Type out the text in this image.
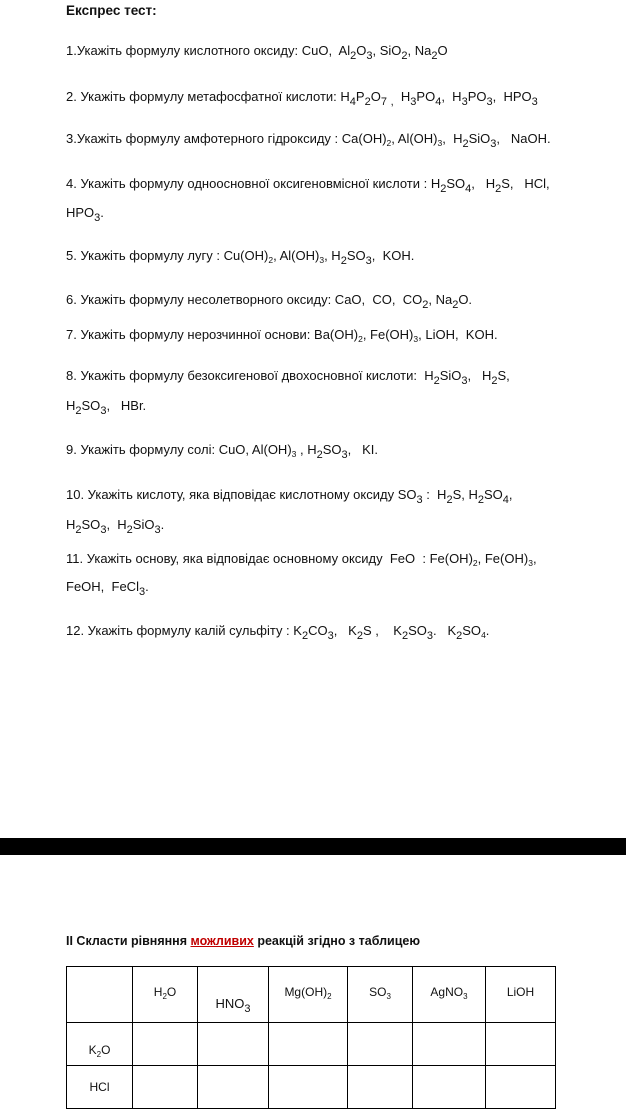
Експрес тест:
1.Укажіть формулу кислотного оксиду: CuO,  $Al_2O_3$, SiO$_2$, $Na_2O$
2. Укажіть формулу метафосфатної кислоти: $H_4P_2O_7$ $_,$  $H_3PO_4$,  $H_3PO_3$,  $HPO_3$
3.Укажіть формулу амфотерного гідроксиду : $Ca(OH)_2$, $Al(OH)_3$,  $H_2SiO_3$,   NaOH.
4. Укажіть формулу одноосновної оксигеновмісної кислоти : $H_2SO_4$,   $H_2S$,   HCl,
$HPO_3$.
5. Укажіть формулу лугу : $Cu(OH)_2$, $Al(OH)_3$, $H_2SO_3$,  KOH.
6. Укажіть формулу несолетворного оксиду: CaO,  CO,  $CO_2$, $Na_2O$.
7. Укажіть формулу нерозчинної основи: $Ba(OH)_2$, $Fe(OH)_3$, LiOH,  KOH.
8. Укажіть формулу безоксигенової двохосновної кислоти:  $H_2SiO_3$,   $H_2S$,
$H_2SO_3$,   HBr.
9. Укажіть формулу солі: CuO, $Al(OH)_3$ , $H_2SO_3$,   KI.
10. Укажіть кислоту, яка відповідає кислотному оксиду $SO_3$ :  $H_2S$, $H_2SO_4$,
$H_2SO_3$,  $H_2SiO_3$.
11. Укажіть основу, яка відповідає основному оксиду  FeO  : $Fe(OH)_2$, $Fe(OH)_3$,
FeOH,  FeCl$_3$.
12. Укажіть формулу калій сульфіту : $K_2CO_3$,   $K_2S$ ,    $K_2SO_3$.   $K_2SO_4$.
II Скласти рівняння можливих реакцій згідно з таблицею
	$H_2O$	$HNO_3$	$Mg(OH)_2$	$SO_3$	AgNO$_3$	LiOH
$K_2O$						
HCl						
